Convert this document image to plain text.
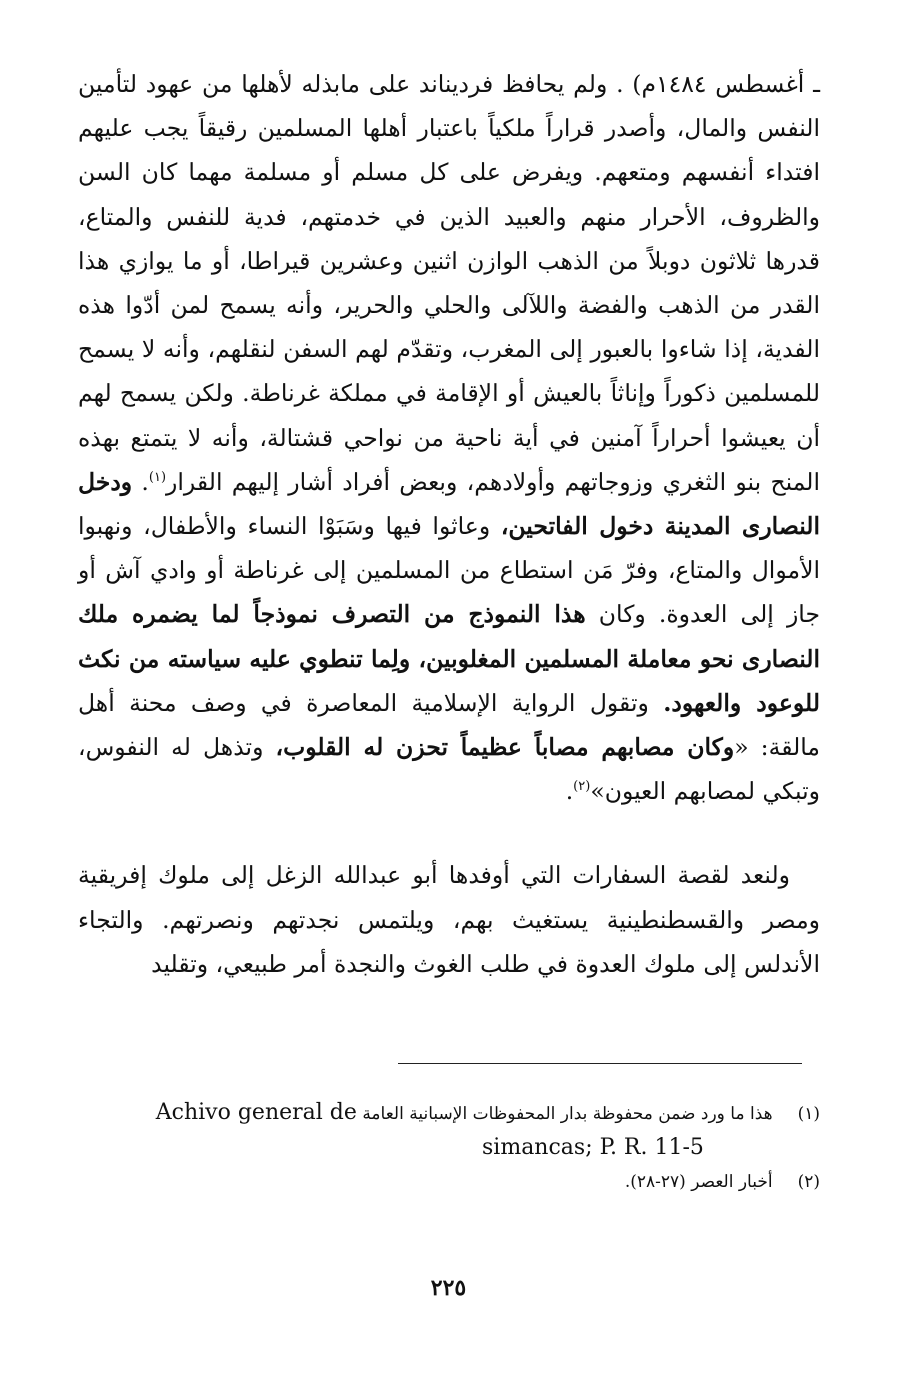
ـ أغسطس ١٤٨٤م) . ولم يحافظ فرديناند على مابذله لأهلها من عهود لتأمين النفس والمال، وأصدر قراراً ملكياً باعتبار أهلها المسلمين رقيقاً يجب عليهم افتداء أنفسهم ومتعهم. ويفرض على كل مسلم أو مسلمة مهما كان السن والظروف، الأحرار منهم والعبيد الذين في خدمتهم، فدية للنفس والمتاع، قدرها ثلاثون دوبلاً من الذهب الوازن اثنين وعشرين قيراطا، أو ما يوازي هذا القدر من الذهب والفضة واللآلى والحلي والحرير، وأنه يسمح لمن أدّوا هذه الفدية، إذا شاءوا بالعبور إلى المغرب، وتقدّم لهم السفن لنقلهم، وأنه لا يسمح للمسلمين ذكوراً وإناثاً بالعيش أو الإقامة في مملكة غرناطة. ولكن يسمح لهم أن يعيشوا أحراراً آمنين في أية ناحية من نواحي قشتالة، وأنه لا يتمتع بهذه المنح بنو الثغري وزوجاتهم وأولادهم، وبعض أفراد أشار إليهم القرار$^{(١)}$. ودخل النصارى المدينة دخول الفاتحين، وعاثوا فيها وسَبَوْا النساء والأطفال، ونهبوا الأموال والمتاع، وفرّ مَن استطاع من المسلمين إلى غرناطة أو وادي آش أو جاز إلى العدوة. وكان هذا النموذج من التصرف نموذجاً لما يضمره ملك النصارى نحو معاملة المسلمين المغلوبين، ولِما تنطوي عليه سياسته من نكث للوعود والعهود. وتقول الرواية الإسلامية المعاصرة في وصف محنة أهل مالقة: «وكان مصابهم مصاباً عظيماً تحزن له القلوب، وتذهل له النفوس، وتبكي لمصابهم العيون»$^{(٢)}$.

ولنعد لقصة السفارات التي أوفدها أبو عبدالله الزغل إلى ملوك إفريقية ومصر والقسطنطينية يستغيث بهم، ويلتمس نجدتهم ونصرتهم. والتجاء الأندلس إلى ملوك العدوة في طلب الغوث والنجدة أمر طبيعي، وتقليد

(١) هذا ما ورد ضمن محفوظة بدار المحفوظات الإسبانية العامة Achivo general de
simancas; P. R. 11-5
(٢) أخبار العصر (٢٧-٢٨).
٢٢٥
